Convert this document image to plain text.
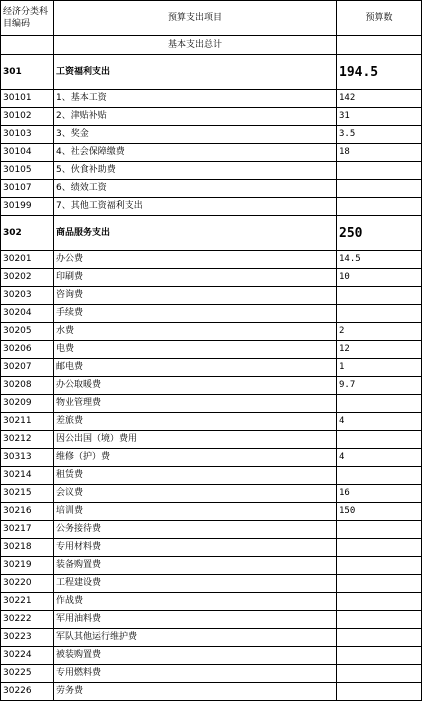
经济分类科目编码	预算支出项目	预算数
	基本支出总计	
301	工资福利支出	194.5
30101	1、基本工资	142
30102	2、津贴补贴	31
30103	3、奖金	3.5
30104	4、社会保障缴费	18
30105	5、伙食补助费	
30107	6、绩效工资	
30199	7、其他工资福利支出	
302	商品服务支出	250
30201	办公费	14.5
30202	印刷费	10
30203	咨询费	
30204	手续费	
30205	水费	2
30206	电费	12
30207	邮电费	1
30208	办公取暖费	9.7
30209	物业管理费	
30211	差旅费	4
30212	因公出国（境）费用	
30313	维修（护）费	4
30214	租赁费	
30215	会议费	16
30216	培训费	150
30217	公务接待费	
30218	专用材料费	
30219	装备购置费	
30220	工程建设费	
30221	作战费	
30222	军用油料费	
30223	军队其他运行维护费	
30224	被装购置费	
30225	专用燃料费	
30226	劳务费	
